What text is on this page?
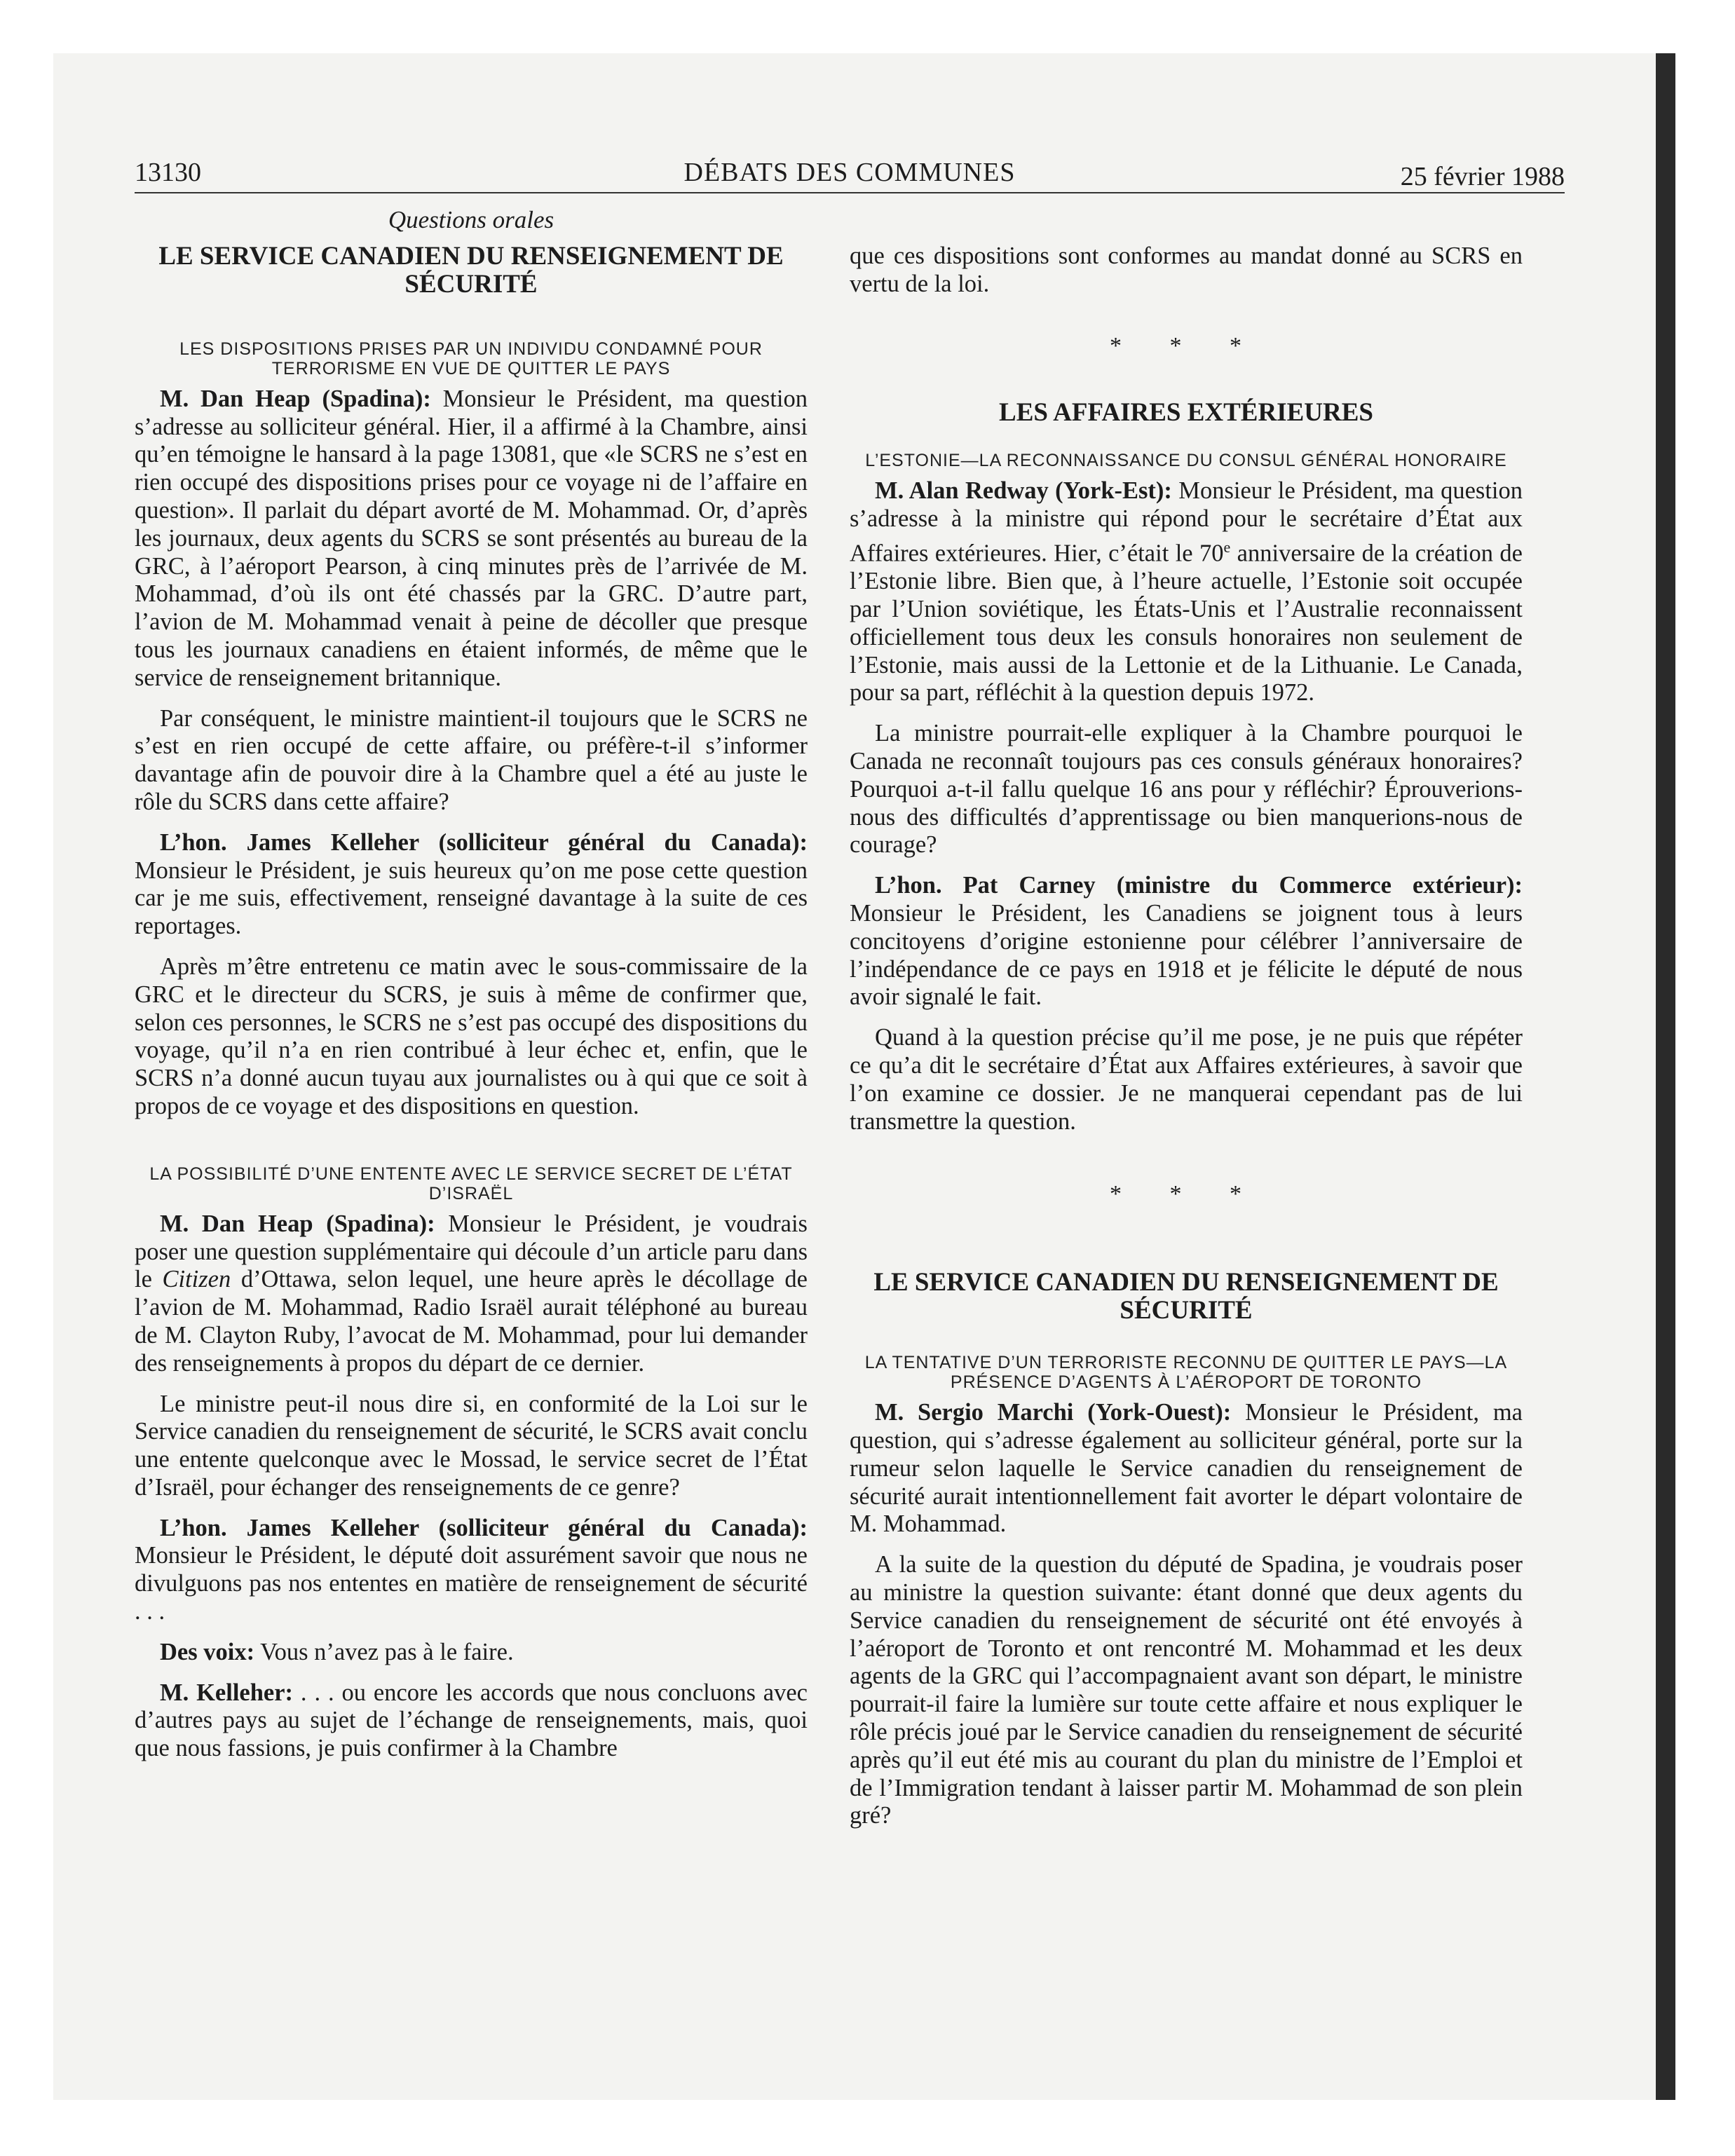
13130	DÉBATS DES COMMUNES	25 février 1988
Questions orales
LE SERVICE CANADIEN DU RENSEIGNEMENT DE SÉCURITÉ
LES DISPOSITIONS PRISES PAR UN INDIVIDU CONDAMNÉ POUR TERRORISME EN VUE DE QUITTER LE PAYS

M. Dan Heap (Spadina): Monsieur le Président, ma question s’adresse au solliciteur général. Hier, il a affirmé à la Chambre, ainsi qu’en témoigne le hansard à la page 13081, que «le SCRS ne s’est en rien occupé des dispositions prises pour ce voyage ni de l’affaire en question». Il parlait du départ avorté de M. Mohammad. Or, d’après les journaux, deux agents du SCRS se sont présentés au bureau de la GRC, à l’aéroport Pearson, à cinq minutes près de l’arrivée de M. Mohammad, d’où ils ont été chassés par la GRC. D’autre part, l’avion de M. Mohammad venait à peine de décoller que presque tous les journaux canadiens en étaient informés, de même que le service de renseignement britannique.

Par conséquent, le ministre maintient-il toujours que le SCRS ne s’est en rien occupé de cette affaire, ou préfère-t-il s’informer davantage afin de pouvoir dire à la Chambre quel a été au juste le rôle du SCRS dans cette affaire?

L’hon. James Kelleher (solliciteur général du Canada): Monsieur le Président, je suis heureux qu’on me pose cette question car je me suis, effectivement, renseigné davantage à la suite de ces reportages.

Après m’être entretenu ce matin avec le sous-commissaire de la GRC et le directeur du SCRS, je suis à même de confirmer que, selon ces personnes, le SCRS ne s’est pas occupé des dispositions du voyage, qu’il n’a en rien contribué à leur échec et, enfin, que le SCRS n’a donné aucun tuyau aux journalistes ou à qui que ce soit à propos de ce voyage et des dispositions en question.

LA POSSIBILITÉ D’UNE ENTENTE AVEC LE SERVICE SECRET DE L’ÉTAT D’ISRAËL

M. Dan Heap (Spadina): Monsieur le Président, je voudrais poser une question supplémentaire qui découle d’un article paru dans le Citizen d’Ottawa, selon lequel, une heure après le décollage de l’avion de M. Mohammad, Radio Israël aurait téléphoné au bureau de M. Clayton Ruby, l’avocat de M. Mohammad, pour lui demander des renseignements à propos du départ de ce dernier.

Le ministre peut-il nous dire si, en conformité de la Loi sur le Service canadien du renseignement de sécurité, le SCRS avait conclu une entente quelconque avec le Mossad, le service secret de l’État d’Israël, pour échanger des renseignements de ce genre?

L’hon. James Kelleher (solliciteur général du Canada): Monsieur le Président, le député doit assurément savoir que nous ne divulguons pas nos ententes en matière de renseignement de sécurité . . .

Des voix: Vous n’avez pas à le faire.

M. Kelleher: . . . ou encore les accords que nous concluons avec d’autres pays au sujet de l’échange de renseignements, mais, quoi que nous fassions, je puis confirmer à la Chambre

que ces dispositions sont conformes au mandat donné au SCRS en vertu de la loi.

* * *
LES AFFAIRES EXTÉRIEURES
L’ESTONIE—LA RECONNAISSANCE DU CONSUL GÉNÉRAL HONORAIRE

M. Alan Redway (York-Est): Monsieur le Président, ma question s’adresse à la ministre qui répond pour le secrétaire d’État aux Affaires extérieures. Hier, c’était le 70e anniversaire de la création de l’Estonie libre. Bien que, à l’heure actuelle, l’Estonie soit occupée par l’Union soviétique, les États-Unis et l’Australie reconnaissent officiellement tous deux les consuls honoraires non seulement de l’Estonie, mais aussi de la Lettonie et de la Lithuanie. Le Canada, pour sa part, réfléchit à la question depuis 1972.

La ministre pourrait-elle expliquer à la Chambre pourquoi le Canada ne reconnaît toujours pas ces consuls généraux honoraires? Pourquoi a-t-il fallu quelque 16 ans pour y réfléchir? Éprouverions-nous des difficultés d’apprentissage ou bien manquerions-nous de courage?

L’hon. Pat Carney (ministre du Commerce extérieur): Monsieur le Président, les Canadiens se joignent tous à leurs concitoyens d’origine estonienne pour célébrer l’anniversaire de l’indépendance de ce pays en 1918 et je félicite le député de nous avoir signalé le fait.

Quand à la question précise qu’il me pose, je ne puis que répéter ce qu’a dit le secrétaire d’État aux Affaires extérieures, à savoir que l’on examine ce dossier. Je ne manquerai cependant pas de lui transmettre la question.

* * *
LE SERVICE CANADIEN DU RENSEIGNEMENT DE SÉCURITÉ
LA TENTATIVE D’UN TERRORISTE RECONNU DE QUITTER LE PAYS—LA PRÉSENCE D’AGENTS À L’AÉROPORT DE TORONTO

M. Sergio Marchi (York-Ouest): Monsieur le Président, ma question, qui s’adresse également au solliciteur général, porte sur la rumeur selon laquelle le Service canadien du renseignement de sécurité aurait intentionnellement fait avorter le départ volontaire de M. Mohammad.

A la suite de la question du député de Spadina, je voudrais poser au ministre la question suivante: étant donné que deux agents du Service canadien du renseignement de sécurité ont été envoyés à l’aéroport de Toronto et ont rencontré M. Mohammad et les deux agents de la GRC qui l’accompagnaient avant son départ, le ministre pourrait-il faire la lumière sur toute cette affaire et nous expliquer le rôle précis joué par le Service canadien du renseignement de sécurité après qu’il eut été mis au courant du plan du ministre de l’Emploi et de l’Immigration tendant à laisser partir M. Mohammad de son plein gré?
